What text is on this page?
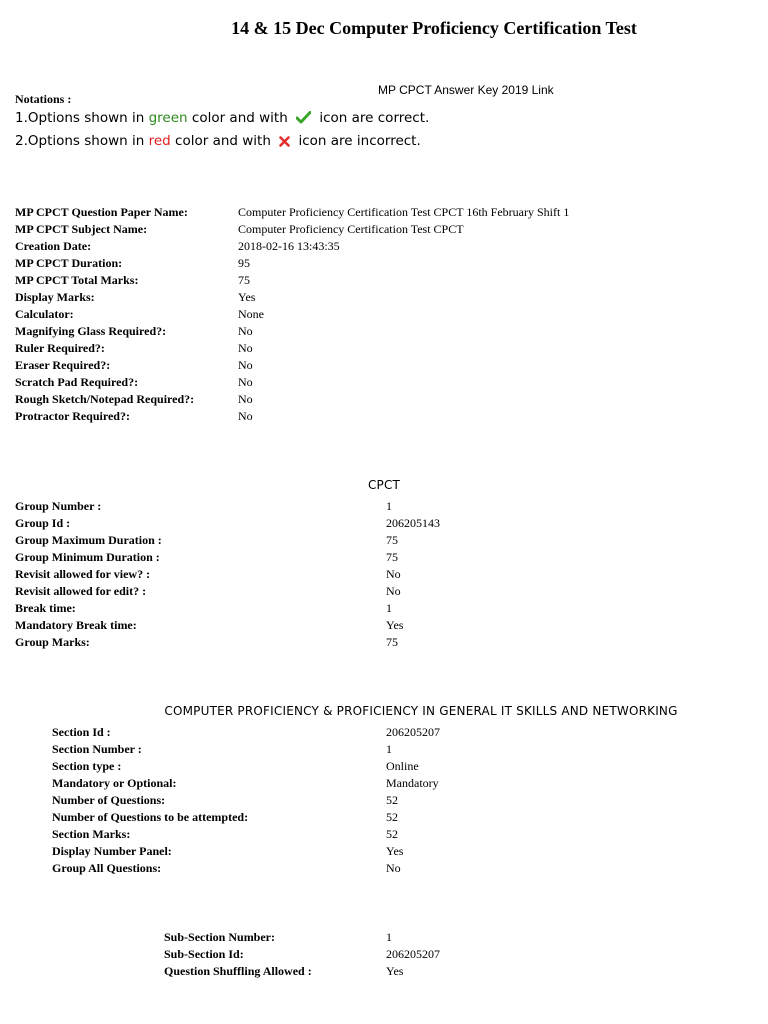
14 & 15 Dec Computer Proficiency Certification Test
MP CPCT Answer Key 2019 Link
Notations :
1.Options shown in green color and with  icon are correct.
2.Options shown in red color and with  icon are incorrect.
MP CPCT Question Paper Name:	Computer Proficiency Certification Test CPCT 16th February Shift 1
MP CPCT Subject Name:	Computer Proficiency Certification Test CPCT
Creation Date:	2018-02-16 13:43:35
MP CPCT Duration:	95
MP CPCT Total Marks:	75
Display Marks:	Yes
Calculator:	None
Magnifying Glass Required?:	No
Ruler Required?:	No
Eraser Required?:	No
Scratch Pad Required?:	No
Rough Sketch/Notepad Required?:	No
Protractor Required?:	No
CPCT
Group Number :	1
Group Id :	206205143
Group Maximum Duration :	75
Group Minimum Duration :	75
Revisit allowed for view? :	No
Revisit allowed for edit? :	No
Break time:	1
Mandatory Break time:	Yes
Group Marks:	75
COMPUTER PROFICIENCY & PROFICIENCY IN GENERAL IT SKILLS AND NETWORKING
Section Id :	206205207
Section Number :	1
Section type :	Online
Mandatory or Optional:	Mandatory
Number of Questions:	52
Number of Questions to be attempted:	52
Section Marks:	52
Display Number Panel:	Yes
Group All Questions:	No
Sub-Section Number:	1
Sub-Section Id:	206205207
Question Shuffling Allowed :	Yes
